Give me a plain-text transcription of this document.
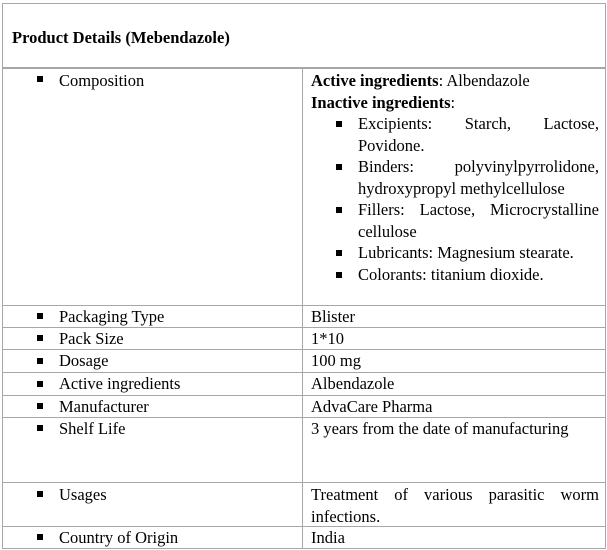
Product Details (Mebendazole)
Composition	Active ingredients: Albendazole
Inactive ingredients:
Excipients: Starch, Lactose, Povidone.
Binders: polyvinylpyrrolidone, hydroxypropyl methylcellulose
Fillers: Lactose, Microcrystalline cellulose
Lubricants: Magnesium stearate.
Colorants: titanium dioxide.
Packaging Type	Blister
Pack Size	1*10
Dosage	100 mg
Active ingredients	Albendazole
Manufacturer	AdvaCare Pharma
Shelf Life	3 years from the date of manufacturing
Usages	Treatment of various parasitic worm infections.
Country of Origin	India
